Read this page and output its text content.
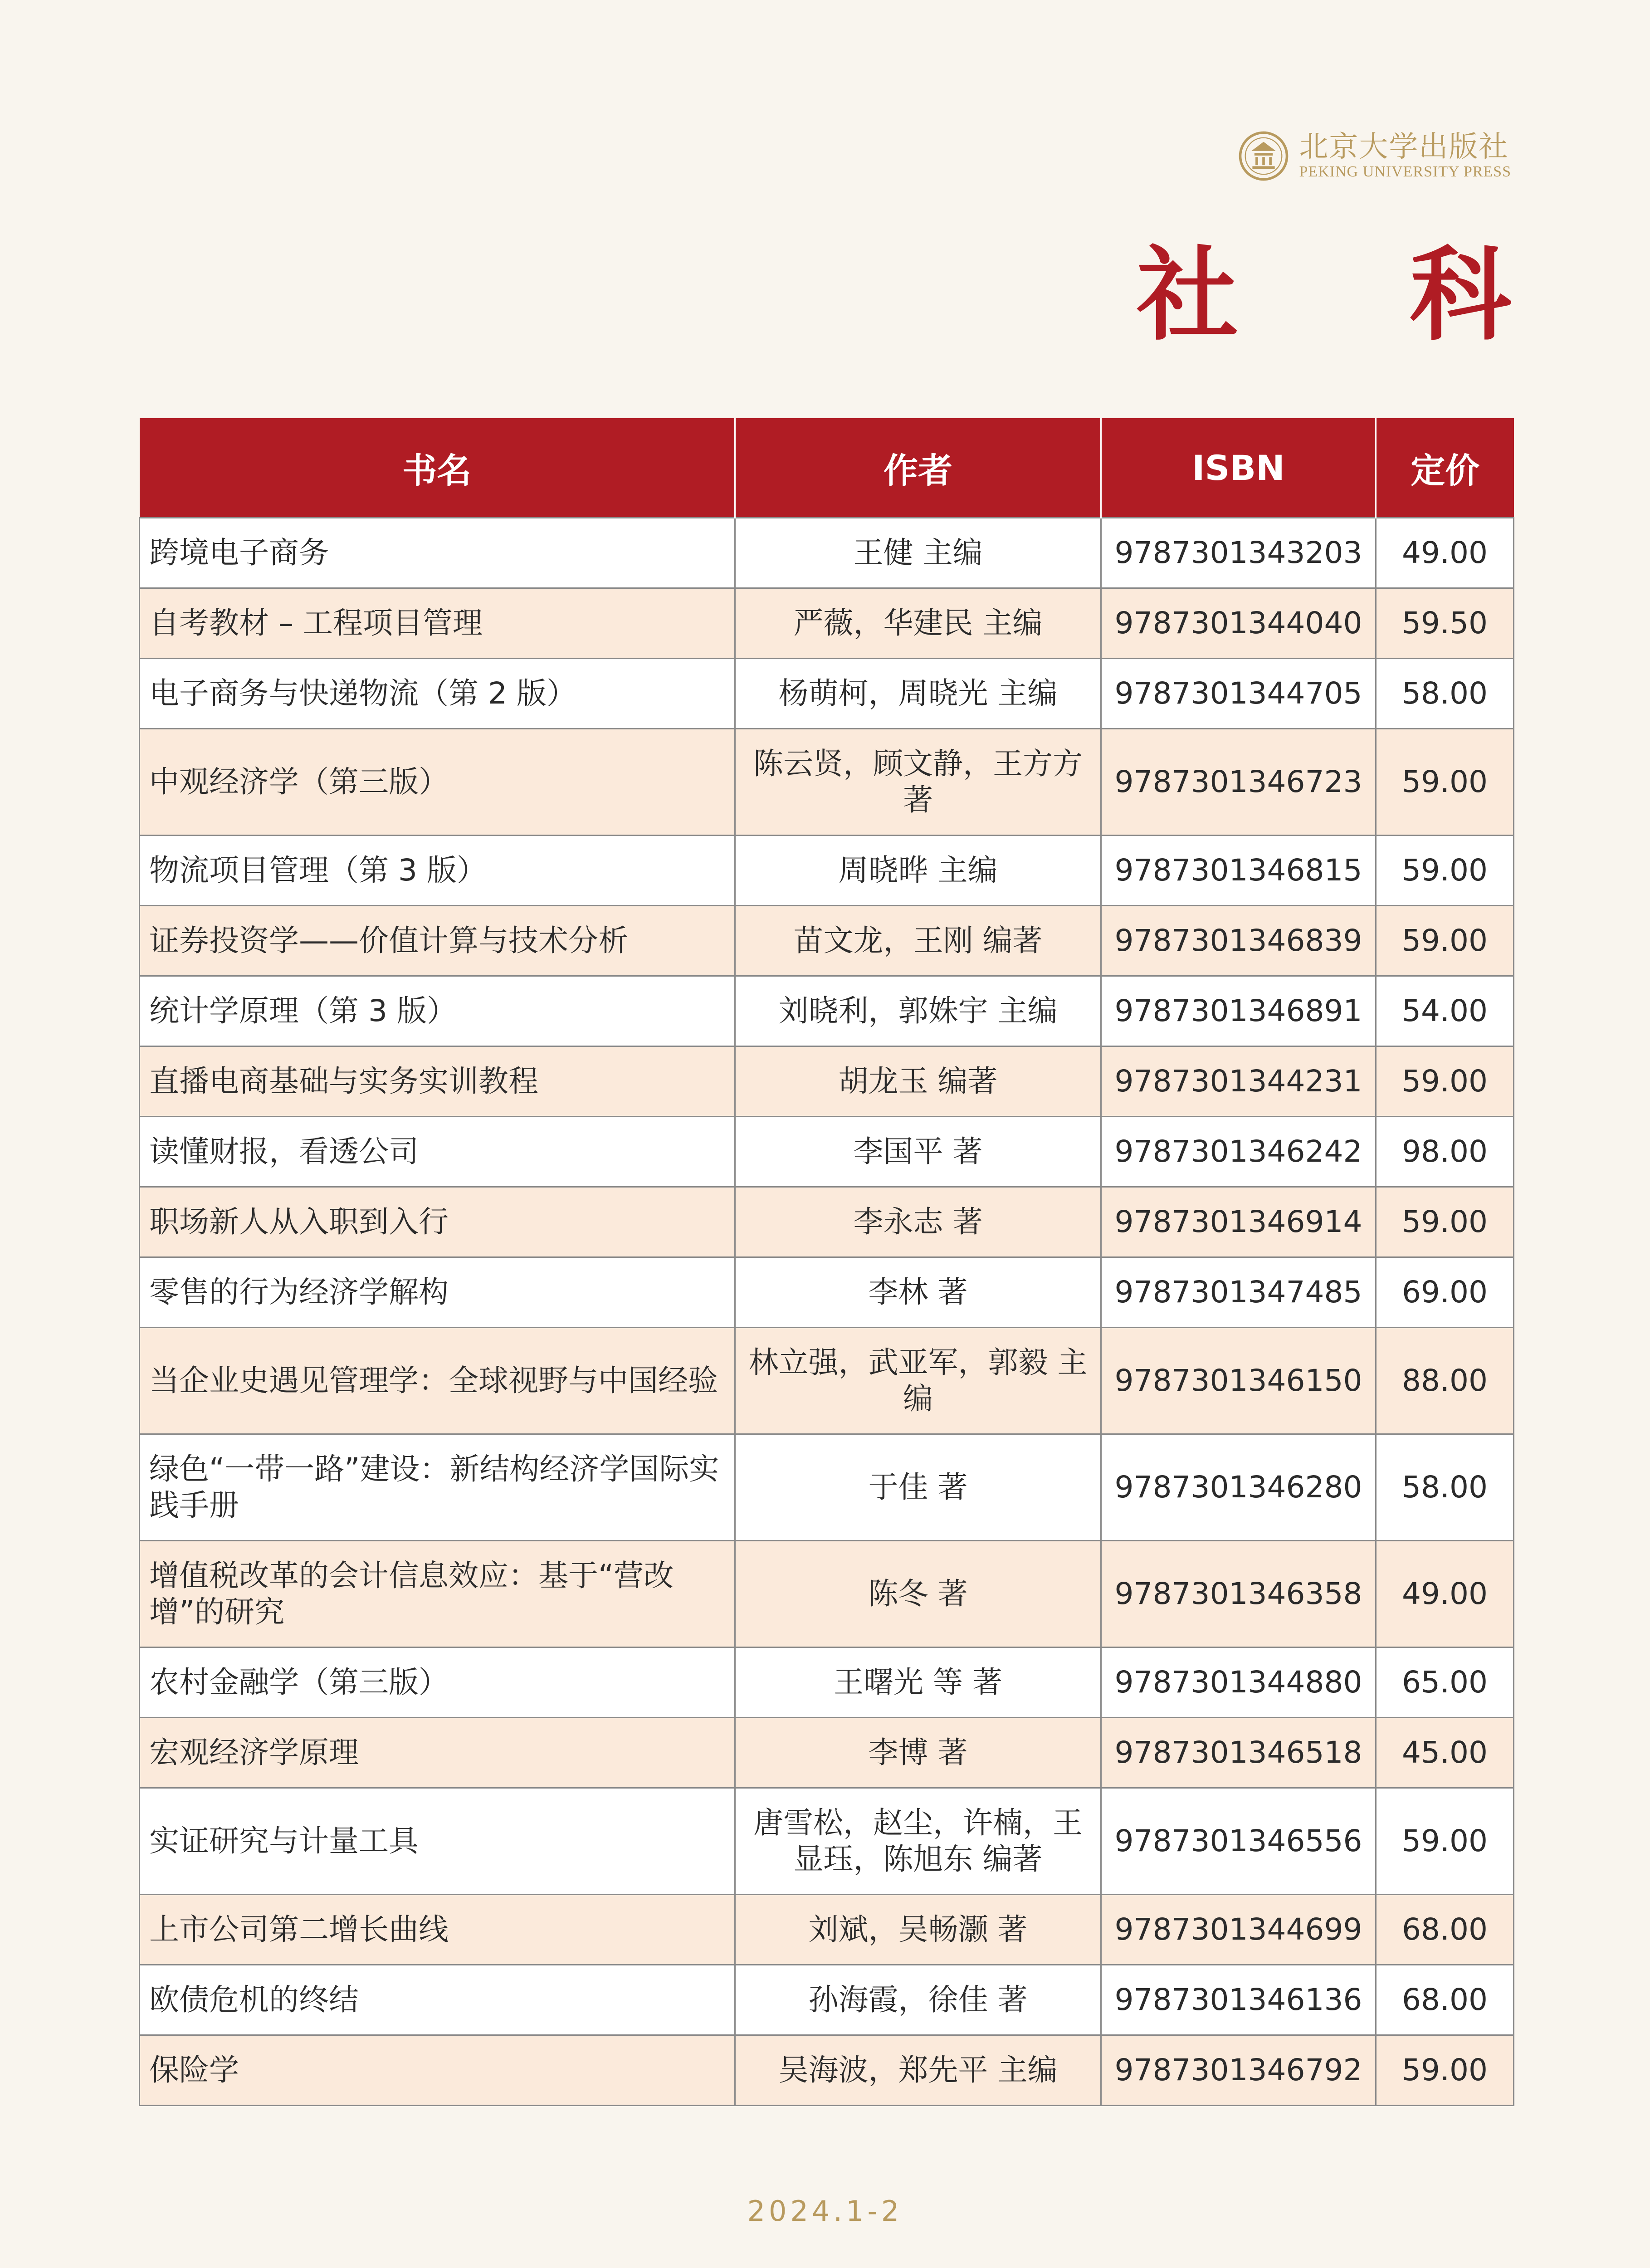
北京大学出版社
PEKING UNIVERSITY PRESS
社 科
书名	作者	ISBN	定价
跨境电子商务	王健 主编	9787301343203	49.00
自考教材 – 工程项目管理	严薇，华建民 主编	9787301344040	59.50
电子商务与快递物流（第 2 版）	杨萌柯，周晓光 主编	9787301344705	58.00
中观经济学（第三版）	陈云贤，顾文静，王方方 著	9787301346723	59.00
物流项目管理（第 3 版）	周晓晔 主编	9787301346815	59.00
证券投资学——价值计算与技术分析	苗文龙，王刚 编著	9787301346839	59.00
统计学原理（第 3 版）	刘晓利，郭姝宇 主编	9787301346891	54.00
直播电商基础与实务实训教程	胡龙玉 编著	9787301344231	59.00
读懂财报，看透公司	李国平 著	9787301346242	98.00
职场新人从入职到入行	李永志 著	9787301346914	59.00
零售的行为经济学解构	李林 著	9787301347485	69.00
当企业史遇见管理学：全球视野与中国经验	林立强，武亚军，郭毅 主编	9787301346150	88.00
绿色“一带一路”建设：新结构经济学国际实践手册	于佳 著	9787301346280	58.00
增值税改革的会计信息效应：基于“营改增”的研究	陈冬 著	9787301346358	49.00
农村金融学（第三版）	王曙光 等 著	9787301344880	65.00
宏观经济学原理	李博 著	9787301346518	45.00
实证研究与计量工具	唐雪松，赵尘，许楠，王显珏，陈旭东 编著	9787301346556	59.00
上市公司第二增长曲线	刘斌，吴畅灏 著	9787301344699	68.00
欧债危机的终结	孙海霞，徐佳 著	9787301346136	68.00
保险学	吴海波，郑先平 主编	9787301346792	59.00
2024.1-2
